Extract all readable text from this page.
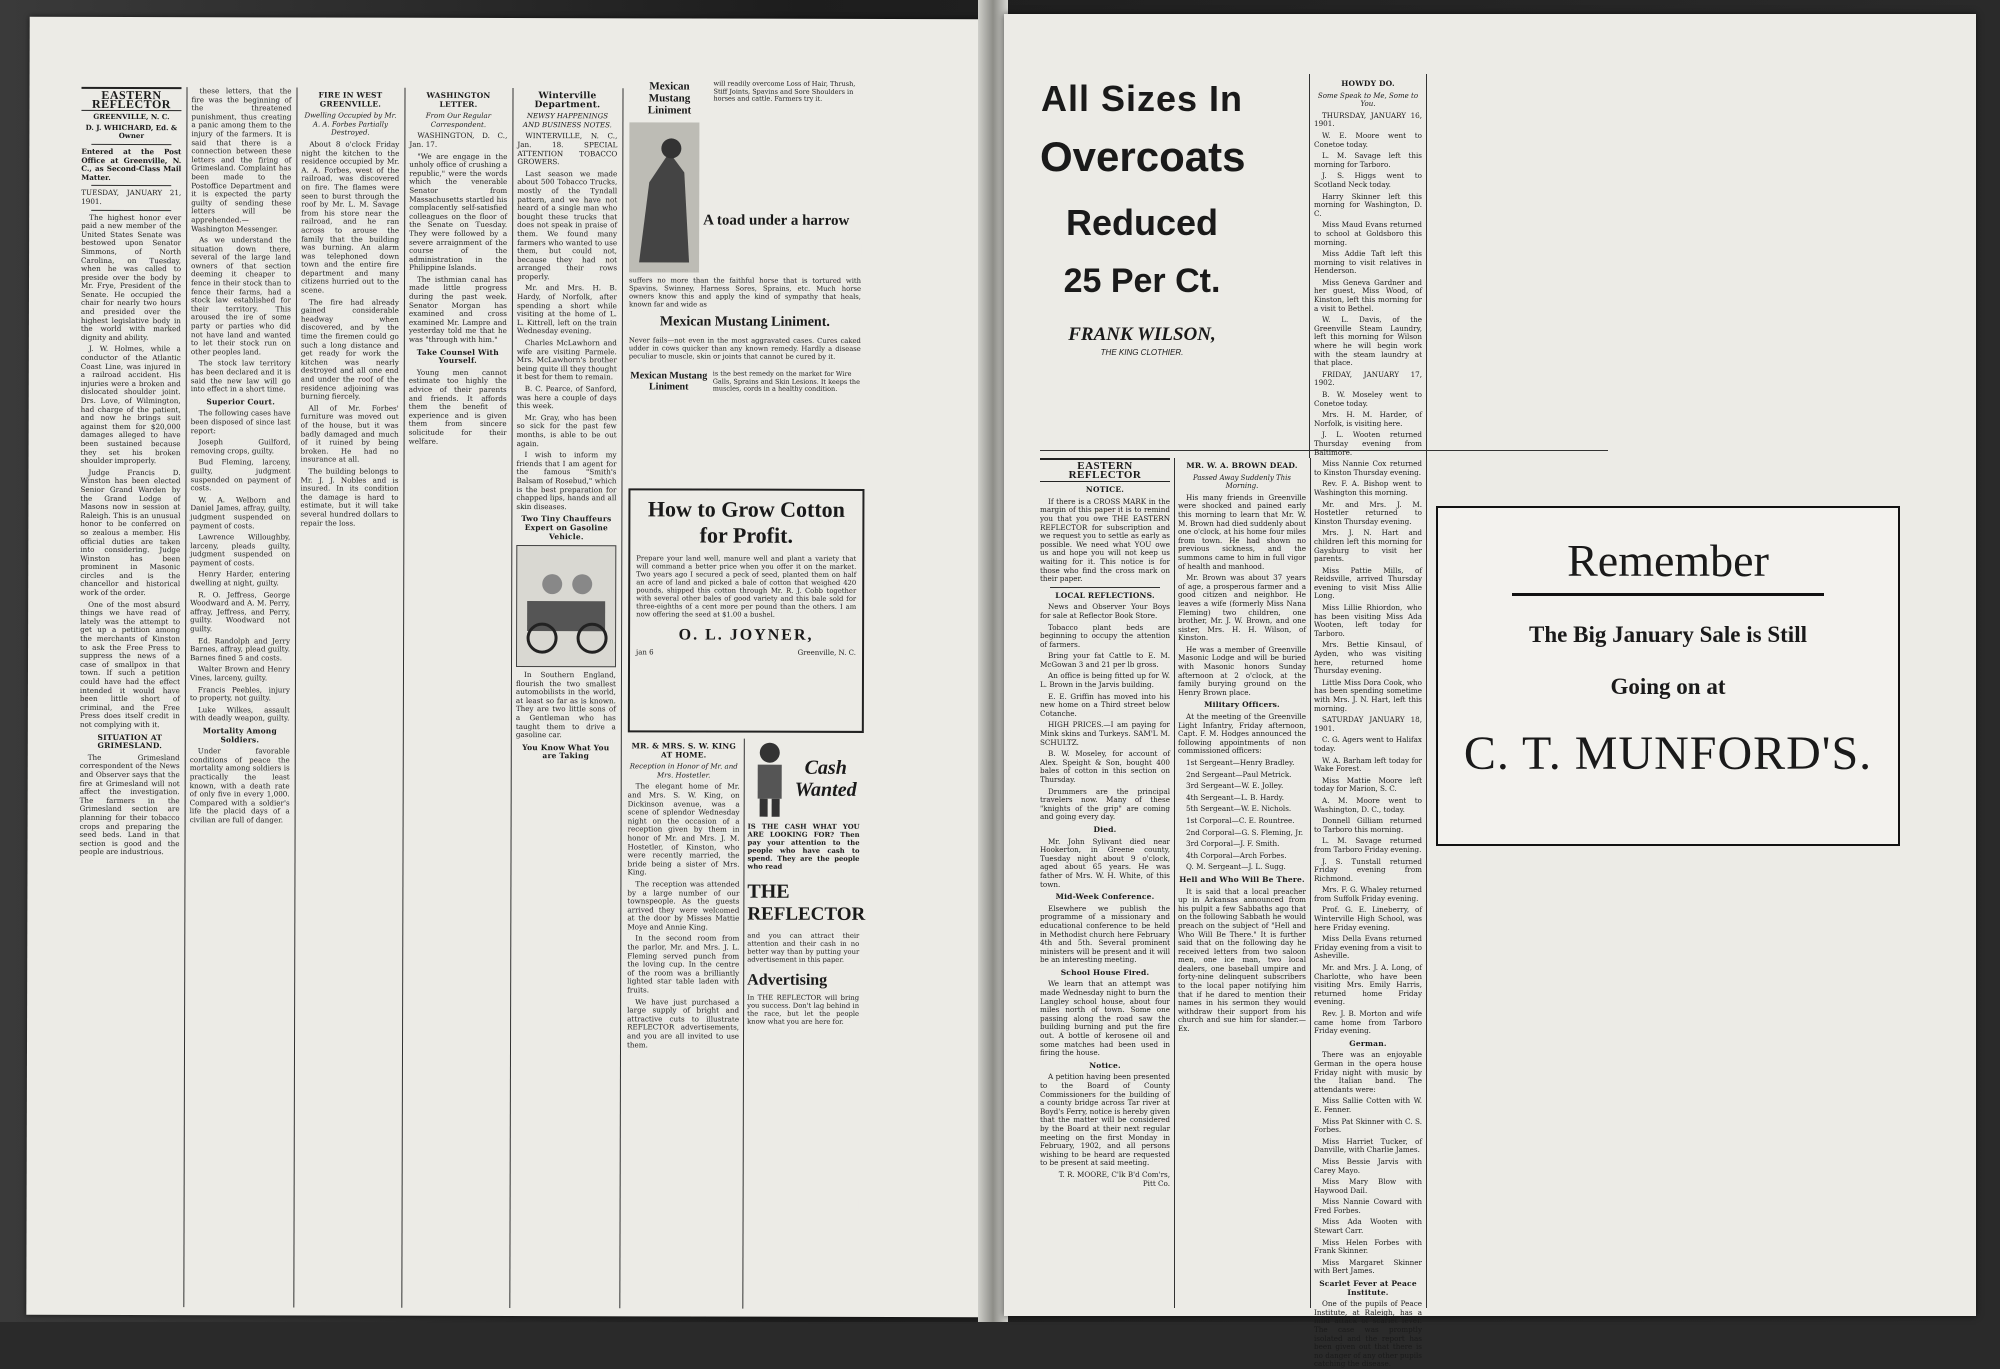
EASTERN REFLECTOR
GREENVILLE, N. C.
D. J. WHICHARD, Ed. & Owner

Entered at the Post Office at Greenville, N. C., as Second-Class Mail Matter.

TUESDAY, JANUARY 21, 1901.

The highest honor ever paid a new member of the United States Senate was bestowed upon Senator Simmons, of North Carolina, on Tuesday, when he was called to preside over the body by Mr. Frye, President of the Senate. He occupied the chair for nearly two hours and presided over the highest legislative body in the world with marked dignity and ability.

J. W. Holmes, while a conductor of the Atlantic Coast Line, was injured in a railroad accident. His injuries were a broken and dislocated shoulder joint. Drs. Love, of Wilmington, had charge of the patient, and now he brings suit against them for $20,000 damages alleged to have been sustained because they set his broken shoulder improperly.

Judge Francis D. Winston has been elected Senior Grand Warden by the Grand Lodge of Masons now in session at Raleigh. This is an unusual honor to be conferred on so zealous a member. His official duties are taken into considering. Judge Winston has been prominent in Masonic circles and is the chancellor and historical work of the order.

One of the most absurd things we have read of lately was the attempt to get up a petition among the merchants of Kinston to ask the Free Press to suppress the news of a case of smallpox in that town. If such a petition could have had the effect intended it would have been little short of criminal, and the Free Press does itself credit in not complying with it.

SITUATION AT GRIMESLAND.

The Grimesland correspondent of the News and Observer says that the fire at Grimesland will not affect the investigation. The farmers in the Grimesland section are planning for their tobacco crops and preparing the seed beds. Land in that section is good and the people are industrious.

these letters, that the fire was the beginning of the threatened punishment, thus creating a panic among them to the injury of the farmers. It is said that there is a connection between these letters and the firing of Grimesland. Complaint has been made to the Postoffice Department and it is expected the party guilty of sending these letters will be apprehended.—Washington Messenger.

As we understand the situation down there, several of the large land owners of that section deeming it cheaper to fence in their stock than to fence their farms, had a stock law established for their territory. This aroused the ire of some party or parties who did not have land and wanted to let their stock run on other peoples land.

The stock law territory has been declared and it is said the new law will go into effect in a short time.

Superior Court.

The following cases have been disposed of since last report:

Joseph Guilford, removing crops, guilty.

Bud Fleming, larceny, guilty, judgment suspended on payment of costs.

W. A. Welborn and Daniel James, affray, guilty, judgment suspended on payment of costs.

Lawrence Willoughby, larceny, pleads guilty, judgment suspended on payment of costs.

Henry Harder, entering dwelling at night, guilty.

R. O. Jeffress, George Woodward and A. M. Perry, affray, Jeffress, and Perry, guilty. Woodward not guilty.

Ed. Randolph and Jerry Barnes, affray, plead guilty. Barnes fined 5 and costs.

Walter Brown and Henry Vines, larceny, guilty.

Francis Peebles, injury to property, not guilty.

Luke Wilkes, assault with deadly weapon, guilty.

Mortality Among Soldiers.

Under favorable conditions of peace the mortality among soldiers is practically the least known, with a death rate of only five in every 1,000. Compared with a soldier's life the placid days of a civilian are full of danger.

FIRE IN WEST GREENVILLE.
Dwelling Occupied by Mr. A. A. Forbes Partially Destroyed.

About 8 o'clock Friday night the kitchen to the residence occupied by Mr. A. A. Forbes, west of the railroad, was discovered on fire. The flames were seen to burst through the roof by Mr. L. M. Savage from his store near the railroad, and he ran across to arouse the family that the building was burning. An alarm was telephoned down town and the entire fire department and many citizens hurried out to the scene.

The fire had already gained considerable headway when discovered, and by the time the firemen could go such a long distance and get ready for work the kitchen was nearly destroyed and all one end and under the roof of the residence adjoining was burning fiercely.

All of Mr. Forbes' furniture was moved out of the house, but it was badly damaged and much of it ruined by being broken. He had no insurance at all.

The building belongs to Mr. J. J. Nobles and is insured. In its condition the damage is hard to estimate, but it will take several hundred dollars to repair the loss.

WASHINGTON LETTER.
From Our Regular Correspondent.

WASHINGTON, D. C., Jan. 17.

"We are engage in the unholy office of crushing a republic," were the words which the venerable Senator from Massachusetts startled his complacently self-satisfied colleagues on the floor of the Senate on Tuesday. They were followed by a severe arraignment of the course of the administration in the Philippine Islands.

The isthmian canal has made little progress during the past week. Senator Morgan has examined and cross examined Mr. Lampre and yesterday told me that he was "through with him."

Take Counsel With Yourself.

Young men cannot estimate too highly the advice of their parents and friends. It affords them the benefit of experience and is given them from sincere solicitude for their welfare.

Winterville Department.
NEWSY HAPPENINGS AND BUSINESS NOTES.

WINTERVILLE, N. C., Jan. 18. SPECIAL ATTENTION TOBACCO GROWERS.

Last season we made about 500 Tobacco Trucks, mostly of the Tyndall pattern, and we have not heard of a single man who bought these trucks that does not speak in praise of them. We found many farmers who wanted to use them, but could not, because they had not arranged their rows properly.

Mr. and Mrs. H. B. Hardy, of Norfolk, after spending a short while visiting at the home of L. L. Kittrell, left on the train Wednesday evening.

Charles McLawhorn and wife are visiting Parmele. Mrs. McLawhorn's brother being quite ill they thought it best for them to remain.

B. C. Pearce, of Sanford, was here a couple of days this week.

Mr. Gray, who has been so sick for the past few months, is able to be out again.

I wish to inform my friends that I am agent for the famous "Smith's Balsam of Rosebud," which is the best preparation for chapped lips, hands and all skin diseases.

Two Tiny Chauffeurs Expert on Gasoline Vehicle.

In Southern England, flourish the two smallest automobilists in the world, at least so far as is known. They are two little sons of a Gentleman who has taught them to drive a gasoline car.

You Know What You are Taking
Mexican Mustang Liniment
will readily overcome Loss of Hair, Thrush, Stiff Joints, Spavins and Sore Shoulders in horses and cattle. Farmers try it.
A toad under a harrow
suffers no more than the faithful horse that is tortured with Spavins, Swinney, Harness Sores, Sprains, etc. Much horse owners know this and apply the kind of sympathy that heals, known far and wide as
Mexican Mustang Liniment.
Never fails—not even in the most aggravated cases. Cures caked udder in cows quicker than any known remedy. Hardly a disease peculiar to muscle, skin or joints that cannot be cured by it.
Mexican Mustang Liniment
is the best remedy on the market for Wire Galls, Sprains and Skin Lesions. It keeps the muscles, cords in a healthy condition.
How to Grow Cotton for Profit.
Prepare your land well, manure well and plant a variety that will command a better price when you offer it on the market. Two years ago I secured a peck of seed, planted them on half an acre of land and picked a bale of cotton that weighed 420 pounds, shipped this cotton through Mr. R. J. Cobb together with several other bales of good variety and this bale sold for three-eighths of a cent more per pound than the others. I am now offering the seed at $1.00 a bushel.
O. L. JOYNER,
jan 6	Greenville, N. C.
MR. & MRS. S. W. KING AT HOME.
Reception in Honor of Mr. and Mrs. Hostetler.

The elegant home of Mr. and Mrs. S. W. King, on Dickinson avenue, was a scene of splendor Wednesday night on the occasion of a reception given by them in honor of Mr. and Mrs. J. M. Hostetler, of Kinston, who were recently married, the bride being a sister of Mrs. King.

The reception was attended by a large number of our townspeople. As the guests arrived they were welcomed at the door by Misses Mattie Moye and Annie King.

In the second room from the parlor, Mr. and Mrs. J. L. Fleming served punch from the loving cup. In the centre of the room was a brilliantly lighted star table laden with fruits.

We have just purchased a large supply of bright and attractive cuts to illustrate REFLECTOR advertisements, and you are all invited to use them.

Cash Wanted
IS THE CASH WHAT YOU ARE LOOKING FOR? Then pay your attention to the people who have cash to spend. They are the people who read
THE
REFLECTOR
and you can attract their attention and their cash in no better way than by putting your advertisement in this paper.
Advertising
In THE REFLECTOR will bring you success. Don't lag behind in the race, but let the people know what you are here for.
All Sizes In
Overcoats
Reduced
25 Per Ct.
FRANK WILSON,
THE KING CLOTHIER.
EASTERN REFLECTOR
NOTICE.

If there is a CROSS MARK in the margin of this paper it is to remind you that you owe THE EASTERN REFLECTOR for subscription and we request you to settle as early as possible. We need what YOU owe us and hope you will not keep us waiting for it. This notice is for those who find the cross mark on their paper.

LOCAL REFLECTIONS.

News and Observer Your Boys for sale at Reflector Book Store.

Tobacco plant beds are beginning to occupy the attention of farmers.

Bring your fat Cattle to E. M. McGowan 3 and 21 per lb gross.

An office is being fitted up for W. L. Brown in the Jarvis building.

E. E. Griffin has moved into his new home on a Third street below Cotanche.

HIGH PRICES.—I am paying for Mink skins and Turkeys. SAM'L M. SCHULTZ.

B. W. Moseley, for account of Alex. Speight & Son, bought 400 bales of cotton in this section on Thursday.

Drummers are the principal travelers now. Many of these "knights of the grip" are coming and going every day.

Died.

Mr. John Sylivant died near Hookerton, in Greene county, Tuesday night about 9 o'clock, aged about 65 years. He was father of Mrs. W. H. White, of this town.

Mid-Week Conference.

Elsewhere we publish the programme of a missionary and educational conference to be held in Methodist church here February 4th and 5th. Several prominent ministers will be present and it will be an interesting meeting.

School House Fired.

We learn that an attempt was made Wednesday night to burn the Langley school house, about four miles north of town. Some one passing along the road saw the building burning and put the fire out. A bottle of kerosene oil and some matches had been used in firing the house.

Notice.

A petition having been presented to the Board of County Commissioners for the building of a county bridge across Tar river at Boyd's Ferry, notice is hereby given that the matter will be considered by the Board at their next regular meeting on the first Monday in February, 1902, and all persons wishing to be heard are requested to be present at said meeting.

T. R. MOORE, C'lk B'd Com'rs, Pitt Co.

MR. W. A. BROWN DEAD.
Passed Away Suddenly This Morning.

His many friends in Greenville were shocked and pained early this morning to learn that Mr. W. M. Brown had died suddenly about one o'clock, at his home four miles from town. He had shown no previous sickness, and the summons came to him in full vigor of health and manhood.

Mr. Brown was about 37 years of age, a prosperous farmer and a good citizen and neighbor. He leaves a wife (formerly Miss Nana Fleming) two children, one brother, Mr. J. W. Brown, and one sister, Mrs. H. H. Wilson, of Kinston.

He was a member of Greenville Masonic Lodge and will be buried with Masonic honors Sunday afternoon at 2 o'clock, at the family burying ground on the Henry Brown place.

Military Officers.

At the meeting of the Greenville Light Infantry, Friday afternoon, Capt. F. M. Hodges announced the following appointments of non commissioned officers:

1st Sergeant—Henry Bradley.

2nd Sergeant—Paul Metrick.

3rd Sergeant—W. E. Jolley.

4th Sergeant—L. B. Hardy.

5th Sergeant—W. E. Nichols.

1st Corporal—C. E. Rountree.

2nd Corporal—G. S. Fleming, Jr.

3rd Corporal—J. F. Smith.

4th Corporal—Arch Forbes.

Q. M. Sergeant—J. L. Sugg.

Hell and Who Will Be There.

It is said that a local preacher up in Arkansas announced from his pulpit a few Sabbaths ago that on the following Sabbath he would preach on the subject of "Hell and Who Will Be There." It is further said that on the following day he received letters from two saloon men, one ice man, two local dealers, one baseball umpire and forty-nine delinquent subscribers to the local paper notifying him that if he dared to mention their names in his sermon they would withdraw their support from his church and sue him for slander.—Ex.

HOWDY DO.
Some Speak to Me, Some to You.

THURSDAY, JANUARY 16, 1901.

W. E. Moore went to Conetoe today.

L. M. Savage left this morning for Tarboro.

J. S. Higgs went to Scotland Neck today.

Harry Skinner left this morning for Washington, D. C.

Miss Maud Evans returned to school at Goldsboro this morning.

Miss Addie Taft left this morning to visit relatives in Henderson.

Miss Geneva Gardner and her guest, Miss Wood, of Kinston, left this morning for a visit to Bethel.

W. L. Davis, of the Greenville Steam Laundry, left this morning for Wilson where he will begin work with the steam laundry at that place.

FRIDAY, JANUARY 17, 1902.

B. W. Moseley went to Conetoe today.

Mrs. H. M. Harder, of Norfolk, is visiting here.

J. L. Wooten returned Thursday evening from Baltimore.

Miss Nannie Cox returned to Kinston Thursday evening.

Rev. F. A. Bishop went to Washington this morning.

Mr. and Mrs. J. M. Hostetler returned to Kinston Thursday evening.

Mrs. J. N. Hart and children left this morning for Gaysburg to visit her parents.

Miss Pattie Mills, of Reidsville, arrived Thursday evening to visit Miss Allie Long.

Miss Lillie Rhiordon, who has been visiting Miss Ada Wooten, left today for Tarboro.

Mrs. Bettie Kinsaul, of Ayden, who was visiting here, returned home Thursday evening.

Little Miss Dora Cook, who has been spending sometime with Mrs. J. N. Hart, left this morning.

SATURDAY JANUARY 18, 1901.

C. G. Agers went to Halifax today.

W. A. Barham left today for Wake Forest.

Miss Mattie Moore left today for Marion, S. C.

A. M. Moore went to Washington, D. C., today.

Donnell Gilliam returned to Tarboro this morning.

L. M. Savage returned from Tarboro Friday evening.

J. S. Tunstall returned Friday evening from Richmond.

Mrs. F. G. Whaley returned from Suffolk Friday evening.

Prof. G. E. Lineberry, of Winterville High School, was here Friday evening.

Miss Della Evans returned Friday evening from a visit to Asheville.

Mr. and Mrs. J. A. Long, of Charlotte, who have been visiting Mrs. Emily Harris, returned home Friday evening.

Rev. J. B. Morton and wife came home from Tarboro Friday evening.

German.

There was an enjoyable German in the opera house Friday night with music by the Italian band. The attendants were:

Miss Sallie Cotten with W. E. Fenner.

Miss Pat Skinner with C. S. Forbes.

Miss Harriet Tucker, of Danville, with Charlie James.

Miss Bessie Jarvis with Carey Mayo.

Miss Mary Blow with Haywood Dail.

Miss Nannie Coward with Fred Forbes.

Miss Ada Wooten with Stewart Carr.

Miss Helen Forbes with Frank Skinner.

Miss Margaret Skinner with Bert James.

Scarlet Fever at Peace Institute.

One of the pupils of Peace Institute, at Raleigh, has a mild attack of scarlet fever. The case was promptly isolated and the report has been given out that there is no danger of any other pupils catching the disease.

Remember
The Big January Sale is Still
Going on at
C. T. MUNFORD'S.
